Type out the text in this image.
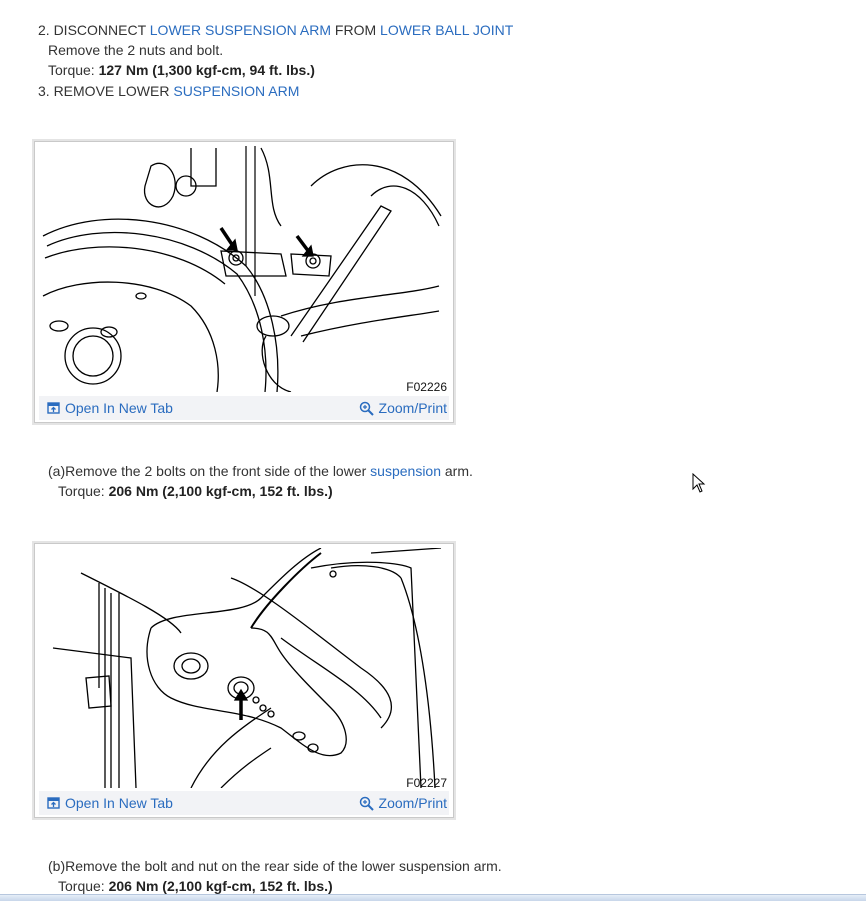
2. DISCONNECT LOWER SUSPENSION ARM FROM LOWER BALL JOINT
Remove the 2 nuts and bolt.
Torque: 127 Nm (1,300 kgf-cm, 94 ft. lbs.)
3. REMOVE LOWER SUSPENSION ARM
F02226
Open In New Tab	Zoom/Print
(a)Remove the 2 bolts on the front side of the lower suspension arm.
Torque: 206 Nm (2,100 kgf-cm, 152 ft. lbs.)
F02227
Open In New Tab	Zoom/Print
(b)Remove the bolt and nut on the rear side of the lower suspension arm.
Torque: 206 Nm (2,100 kgf-cm, 152 ft. lbs.)
